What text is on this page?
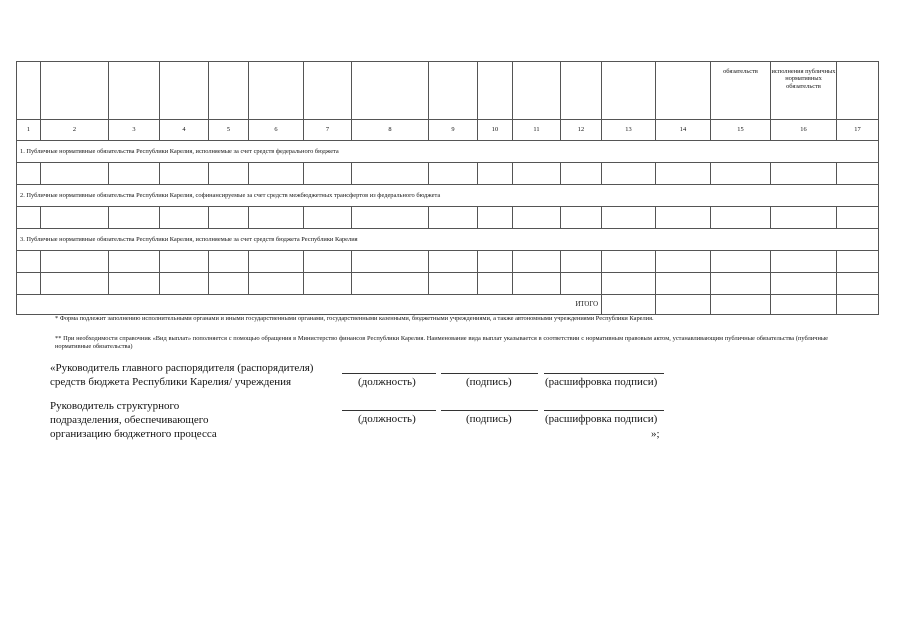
														обязательств	исполнения публичных нормативных обязательств	
1	2	3	4	5	6	7	8	9	10	11	12	13	14	15	16	17
1. Публичные нормативные обязательства Республики Карелия, исполняемые за счет средств федерального бюджета																

2. Публичные нормативные обязательства Республики Карелия, софинансируемые за счет средств межбюджетных трансфертов из федерального бюджета																

3. Публичные нормативные обязательства Республики Карелия, исполняемые за счет средств бюджета Республики Карелия																

ИТОГО																
* Форма подлежит заполнению исполнительными органами и иными государственными органами, государственными казенными, бюджетными учреждениями, а также автономными учреждениями Республики Карелия.
** При необходимости справочник «Вид выплат» пополняется с помощью обращения в Министерство финансов Республики Карелия. Наименование вида выплат указывается в соответствии с нормативным правовым актом, устанавливающим публичные обязательства (публичные нормативные обязательства)
«Руководитель главного распорядителя (распорядителя)
средств бюджета Республики Карелия/ учреждения	(должность)	(подпись)	(расшифровка подписи)
Руководитель структурного
подразделения, обеспечивающего
организацию бюджетного процесса
(должность)	(подпись)	(расшифровка подписи)
»;
